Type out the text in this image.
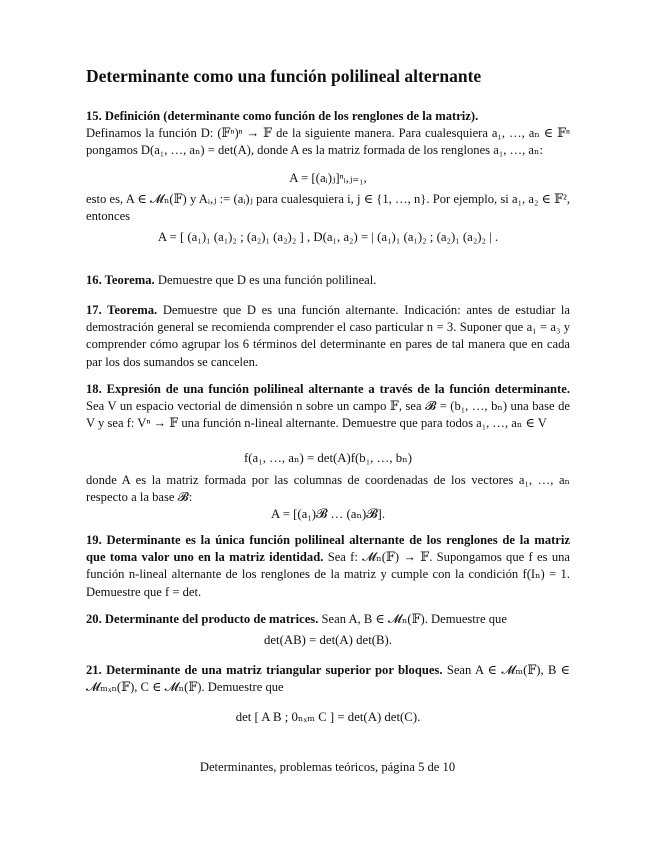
Determinante como una función polilineal alternante
15. Definición (determinante como función de los renglones de la matriz).
Definamos la función D: (𝔽ⁿ)ⁿ → 𝔽 de la siguiente manera. Para cualesquiera a₁, …, aₙ ∈ 𝔽ⁿ pongamos D(a₁, …, aₙ) = det(A), donde A es la matriz formada de los renglones a₁, …, aₙ:
A = [(aᵢ)ⱼ]ⁿᵢ,ⱼ₌₁,
esto es, A ∈ 𝓜ₙ(𝔽) y Aᵢ,ⱼ := (aᵢ)ⱼ para cualesquiera i, j ∈ {1, …, n}. Por ejemplo, si a₁, a₂ ∈ 𝔽², entonces
A = [ (a₁)₁ (a₁)₂ ; (a₂)₁ (a₂)₂ ] , D(a₁, a₂) = | (a₁)₁ (a₁)₂ ; (a₂)₁ (a₂)₂ | .
16. Teorema. Demuestre que D es una función polilineal.
17. Teorema. Demuestre que D es una función alternante. Indicación: antes de estudiar la demostración general se recomienda comprender el caso particular n = 3. Suponer que a₁ = a₃ y comprender cómo agrupar los 6 términos del determinante en pares de tal manera que en cada par los dos sumandos se cancelen.
18. Expresión de una función polilineal alternante a través de la función determinante. Sea V un espacio vectorial de dimensión n sobre un campo 𝔽, sea 𝓑 = (b₁, …, bₙ) una base de V y sea f: Vⁿ → 𝔽 una función n-lineal alternante. Demuestre que para todos a₁, …, aₙ ∈ V
f(a₁, …, aₙ) = det(A)f(b₁, …, bₙ)
donde A es la matriz formada por las columnas de coordenadas de los vectores a₁, …, aₙ respecto a la base 𝓑:
A = [(a₁)𝓑 … (aₙ)𝓑].
19. Determinante es la única función polilineal alternante de los renglones de la matriz que toma valor uno en la matriz identidad. Sea f: 𝓜ₙ(𝔽) → 𝔽. Supongamos que f es una función n-lineal alternante de los renglones de la matriz y cumple con la condición f(Iₙ) = 1. Demuestre que f = det.
20. Determinante del producto de matrices. Sean A, B ∈ 𝓜ₙ(𝔽). Demuestre que
det(AB) = det(A) det(B).
21. Determinante de una matriz triangular superior por bloques. Sean A ∈ 𝓜ₘ(𝔽), B ∈ 𝓜ₘₓₙ(𝔽), C ∈ 𝓜ₙ(𝔽). Demuestre que
det [ A B ; 0ₙₓₘ C ] = det(A) det(C).
Determinantes, problemas teóricos, página 5 de 10
